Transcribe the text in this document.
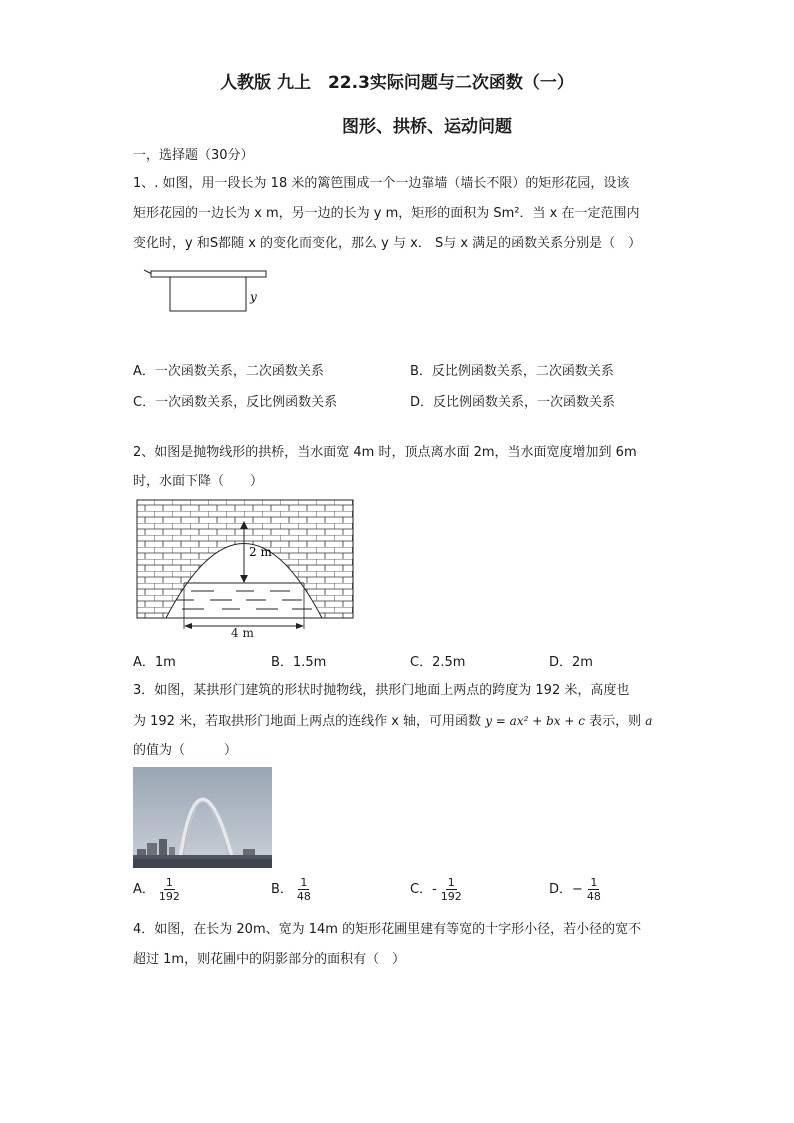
人教版 九上　22.3实际问题与二次函数（一）
图形、拱桥、运动问题
一，选择题（30分）
1、. 如图，用一段长为 18 米的篱笆围成一个一边靠墙（墙长不限）的矩形花园，设该
矩形花园的一边长为 x m，另一边的长为 y m，矩形的面积为 Sm²．当 x 在一定范围内
变化时，y 和S都随 x 的变化而变化，那么 y 与 x． S与 x 满足的函数关系分别是（　）
y
A．一次函数关系，二次函数关系	B．反比例函数关系，二次函数关系
C．一次函数关系，反比例函数关系	D．反比例函数关系，一次函数关系
2、如图是抛物线形的拱桥，当水面宽 4m 时，顶点离水面 2m，当水面宽度增加到 6m
时，水面下降（　　）
2 m
4 m
A．1m	B．1.5m	C．2.5m	D．2m
3．如图，某拱形门建筑的形状时抛物线，拱形门地面上两点的跨度为 192 米，高度也
为 192 米，若取拱形门地面上两点的连线作 x 轴，可用函数 y = ax² + bx + c 表示，则 a
的值为（　　　）
A． $\frac{1}{192}$	B． $\frac{1}{48}$	C．- $\frac{1}{192}$	D．− $\frac{1}{48}$
4．如图，在长为 20m、宽为 14m 的矩形花圃里建有等宽的十字形小径，若小径的宽不
超过 1m，则花圃中的阴影部分的面积有（　）
